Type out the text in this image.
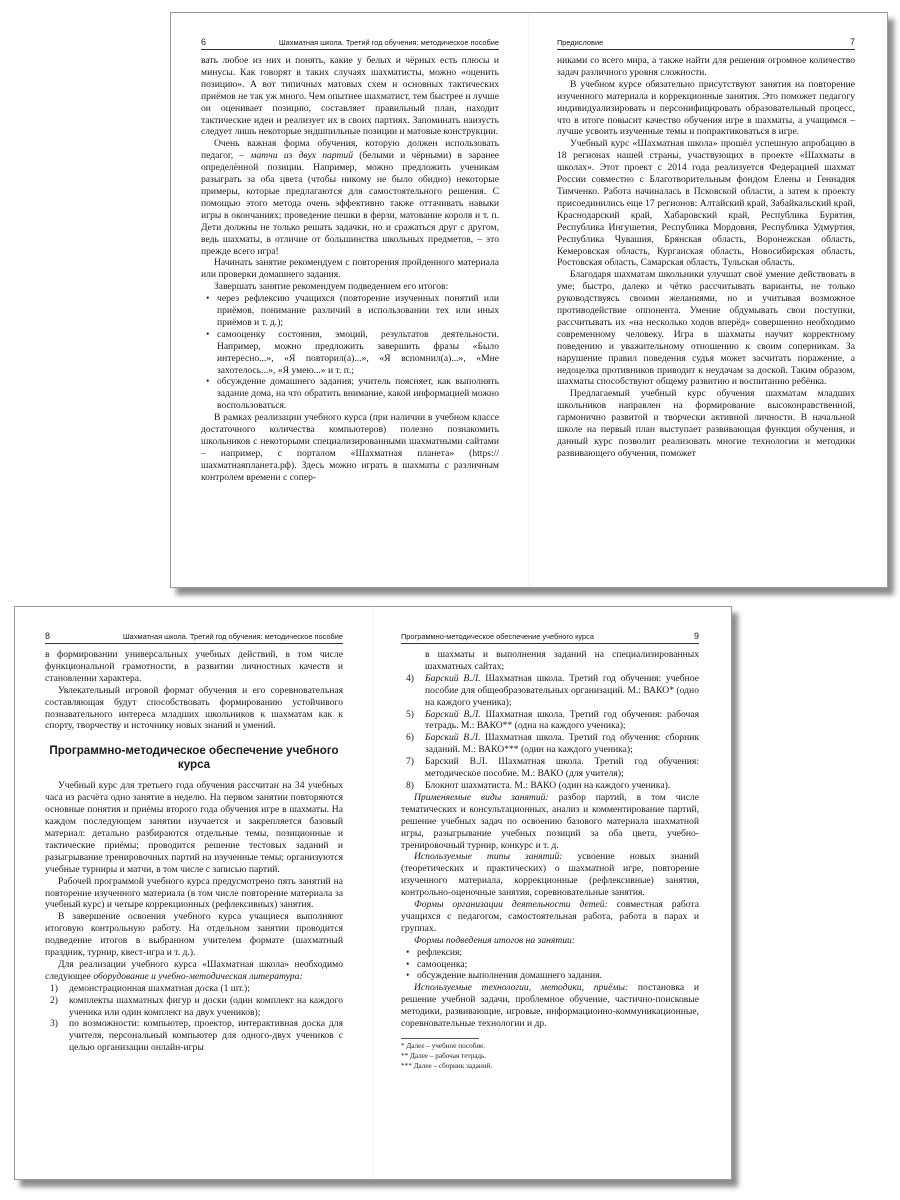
6	Шахматная школа. Третий год обучения: методическое пособие

вать любое из них и понять, какие у белых и чёрных есть плюсы и минусы. Как говорят в таких случаях шахматисты, можно «оценить позицию». А вот типичных матовых схем и основных тактических приёмов не так уж много. Чем опытнее шахматист, тем быстрее и лучше он оценивает позицию, составляет правильный план, находит тактические идеи и реализует их в своих партиях. Запоминать наизусть следует лишь некоторые эндшпильные позиции и матовые конструкции.

Очень важная форма обучения, которую должен использовать педагог, – матчи из двух партий (белыми и чёрными) в заранее определённой позиции. Например, можно предложить ученикам разыграть за оба цвета (чтобы никому не было обидно) некоторые примеры, которые предлагаются для самостоятельного решения. С помощью этого метода очень эффективно также оттачивать навыки игры в окончаниях; проведение пешки в ферзи, матование короля и т. п. Дети должны не только решать задачки, но и сражаться друг с другом, ведь шахматы, в отличие от большинства школьных предметов, – это прежде всего игра!

Начинать занятие рекомендуем с повторения пройденного материала или проверки домашнего задания.

Завершать занятие рекомендуем подведением его итогов:

• через рефлексию учащихся (повторение изученных понятий или приёмов, понимание различий в использовании тех или иных приёмов и т. д.);
• самооценку состояния, эмоций, результатов деятельности. Например, можно предложить завершить фразы «Было интересно...», «Я повторил(а)...», «Я вспомнил(а)...», «Мне захотелось...», «Я умею...» и т. п.;
• обсуждение домашнего задания; учитель поясняет, как выполнять задание дома, на что обратить внимание, какой информацией можно воспользоваться.

В рамках реализации учебного курса (при наличии в учебном классе достаточного количества компьютеров) полезно познакомить школьников с некоторыми специализированными шахматными сайтами – например, с порталом «Шахматная планета» (https://шахматнаяпланета.рф). Здесь можно играть в шахматы с различным контролем времени с сопер-

Предисловие	7

никами со всего мира, а также найти для решения огромное количество задач различного уровня сложности.

В учебном курсе обязательно присутствуют занятия на повторение изученного материала и коррекционные занятия. Это поможет педагогу индивидуализировать и персонифицировать образовательный процесс, что в итоге повысит качество обучения игре в шахматы, а учащимся – лучше усвоить изученные темы и попрактиковаться в игре.

Учебный курс «Шахматная школа» прошёл успешную апробацию в 18 регионах нашей страны, участвующих в проекте «Шахматы в школах». Этот проект с 2014 года реализуется Федерацией шахмат России совместно с Благотворительным фондом Елены и Геннадия Тимченко. Работа начиналась в Псковской области, а затем к проекту присоединились еще 17 регионов: Алтайский край, Забайкальский край, Краснодарский край, Хабаровский край, Республика Бурятия, Республика Ингушетия, Республика Мордовия, Республика Удмуртия, Республика Чувашия, Брянская область, Воронежская область, Кемеровская область, Курганская область, Новосибирская область, Ростовская область, Самарская область, Тульская область.

Благодаря шахматам школьники улучшат своё умение действовать в уме; быстро, далеко и чётко рассчитывать варианты, не только руководствуясь своими желаниями, но и учитывая возможное противодействие оппонента. Умение обдумывать свои поступки, рассчитывать их «на несколько ходов вперёд» совершенно необходимо современному человеку. Игра в шахматы научит корректному поведению и уважительному отношению к своим соперникам. За нарушение правил поведения судья может засчитать поражение, а недоцелка противников приводит к неудачам за доской. Таким образом, шахматы способствуют общему развитию и воспитанию ребёнка.

Предлагаемый учебный курс обучения шахматам младших школьников направлен на формирование высоконравственной, гармонично развитой и творчески активной личности. В начальной школе на первый план выступает развивающая функция обучения, и данный курс позволит реализовать многие технологии и методики развивающего обучения, поможет

8	Шахматная школа. Третий год обучения: методическое пособие

в формировании универсальных учебных действий, в том числе функциональной грамотности, в развитии личностных качеств и становлении характера.

Увлекательный игровой формат обучения и его соревновательная составляющая будут способствовать формированию устойчивого познавательного интереса младших школьников к шахматам как к спорту, творчеству и источнику новых знаний и умений.

Программно-методическое обеспечение учебного курса

Учебный курс для третьего года обучения рассчитан на 34 учебных часа из расчёта одно занятие в неделю. На первом занятии повторяются основные понятия и приёмы второго года обучения игре в шахматы. На каждом последующем занятии изучается и закрепляется базовый материал: детально разбираются отдельные темы, позиционные и тактические приёмы; проводится решение тестовых заданий и разыгрывание тренировочных партий на изученные темы; организуются учебные турниры и матчи, в том числе с записью партий.

Рабочей программой учебного курса предусмотрено пять занятий на повторение изученного материала (в том числе повторение материала за учебный курс) и четыре коррекционных (рефлексивных) занятия.

В завершение освоения учебного курса учащиеся выполняют итоговую контрольную работу. На отдельном занятии проводится подведение итогов в выбранном учителем формате (шахматный праздник, турнир, квест-игра и т. д.).

Для реализации учебного курса «Шахматная школа» необходимо следующее оборудование и учебно-методическая литература:

1) демонстрационная шахматная доска (1 шт.);
2) комплекты шахматных фигур и доски (один комплект на каждого ученика или один комплект на двух учеников);
3) по возможности: компьютер, проектор, интерактивная доска для учителя, персональный компьютер для одного-двух учеников с целью организации онлайн-игры
Программно-методическое обеспечение учебного курса	9
в шахматы и выполнения заданий на специализированных шахматных сайтах;
4) Барский В.Л. Шахматная школа. Третий год обучения: учебное пособие для общеобразовательных организаций. М.: ВАКО* (одно на каждого ученика);
5) Барский В.Л. Шахматная школа. Третий год обучения: рабочая тетрадь. М.: ВАКО** (одна на каждого ученика);
6) Барский В.Л. Шахматная школа. Третий год обучения: сборник заданий. М.: ВАКО*** (один на каждого ученика);
7) Барский В.Л. Шахматная школа. Третий год обучения: методическое пособие. М.: ВАКО (для учителя);
8) Блокнот шахматиста. М.: ВАКО (один на каждого ученика).

Применяемые виды занятий: разбор партий, в том числе тематических и консультационных, анализ и комментирование партий, решение учебных задач по освоению базового материала шахматной игры, разыгрывание учебных позиций за оба цвета, учебно-тренировочный турнир, конкурс и т. д.

Используемые типы занятий: усвоение новых знаний (теоретических и практических) о шахматной игре, повторение изученного материала, коррекционные (рефлексивные) занятия, контрольно-оценочные занятия, соревновательные занятия.

Формы организации деятельности детей: совместная работа учащихся с педагогом, самостоятельная работа, работа в парах и группах.

Формы подведения итогов на занятии:

• рефлексия;
• самооценка;
• обсуждение выполнения домашнего задания.

Используемые технологии, методики, приёмы: постановка и решение учебной задачи, проблемное обучение, частично-поисковые методики, развивающие, игровые, информационно-коммуникационные, соревновательные технологии и др.

* Далее – учебное пособие.
** Далее – рабочая тетрадь.
*** Далее – сборник заданий.
